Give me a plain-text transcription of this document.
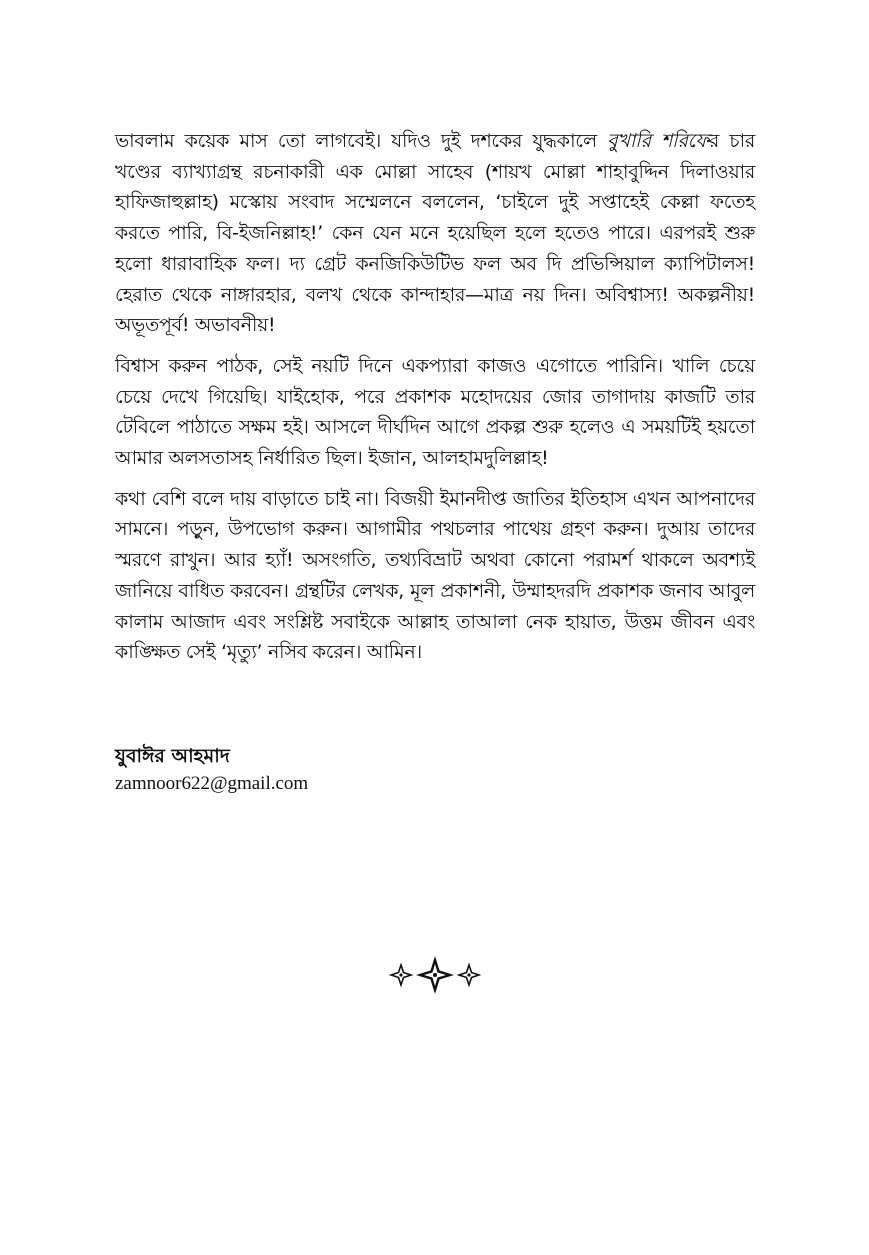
ভাবলাম কয়েক মাস তো লাগবেই। যদিও দুই দশকের যুদ্ধকালে বুখারি শরিফের চার খণ্ডের ব্যাখ্যাগ্রন্থ রচনাকারী এক মোল্লা সাহেব (শায়খ মোল্লা শাহাবুদ্দিন দিলাওয়ার হাফিজাহুল্লাহ) মস্কোয় সংবাদ সম্মেলনে বললেন, ‘চাইলে দুই সপ্তাহেই কেল্লা ফতেহ করতে পারি, বি-ইজনিল্লাহ!’ কেন যেন মনে হয়েছিল হলে হতেও পারে। এরপরই শুরু হলো ধারাবাহিক ফল। দ্য গ্রেট কনজিকিউটিভ ফল অব দি প্রভিন্সিয়াল ক্যাপিটালস! হেরাত থেকে নাঙ্গারহার, বলখ থেকে কান্দাহার—মাত্র নয় দিন। অবিশ্বাস্য! অকল্পনীয়! অভূতপূর্ব! অভাবনীয়!

বিশ্বাস করুন পাঠক, সেই নয়টি দিনে একপ্যারা কাজও এগোতে পারিনি। খালি চেয়ে চেয়ে দেখে গিয়েছি। যাইহোক, পরে প্রকাশক মহোদয়ের জোর তাগাদায় কাজটি তার টেবিলে পাঠাতে সক্ষম হই। আসলে দীর্ঘদিন আগে প্রকল্প শুরু হলেও এ সময়টিই হয়তো আমার অলসতাসহ নির্ধারিত ছিল। ইজান, আলহামদুলিল্লাহ!

কথা বেশি বলে দায় বাড়াতে চাই না। বিজয়ী ইমানদীপ্ত জাতির ইতিহাস এখন আপনাদের সামনে। পড়ুন, উপভোগ করুন। আগামীর পথচলার পাথেয় গ্রহণ করুন। দুআয় তাদের স্মরণে রাখুন। আর হ্যাঁ! অসংগতি, তথ্যবিভ্রাট অথবা কোনো পরামর্শ থাকলে অবশ্যই জানিয়ে বাধিত করবেন। গ্রন্থটির লেখক, মূল প্রকাশনী, উম্মাহদরদি প্রকাশক জনাব আবুল কালাম আজাদ এবং সংশ্লিষ্ট সবাইকে আল্লাহ তাআলা নেক হায়াত, উত্তম জীবন এবং কাঙ্ক্ষিত সেই ‘মৃত্যু’ নসিব করেন। আমিন।

যুবাঈর আহমাদ
zamnoor622@gmail.com
